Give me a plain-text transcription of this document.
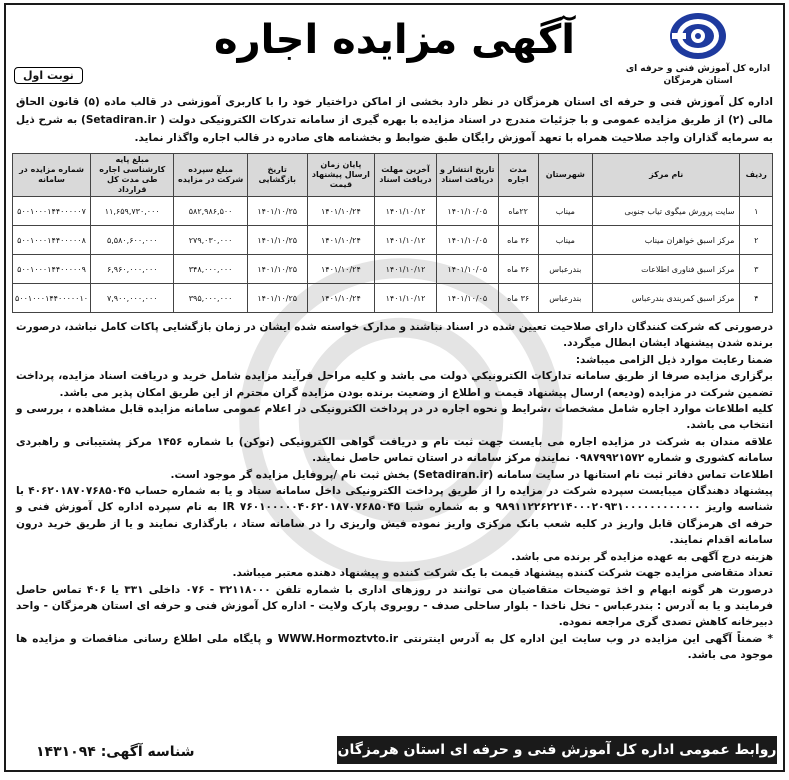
اداره کل آموزش فنی و حرفه ای
استان هرمزگان
آگهی مزایده اجاره
نوبت اول
اداره کل آموزش فنی و حرفه ای استان هرمزگان در نظر دارد بخشی از اماکن دراختیار خود را با کاربری آموزشی در قالب ماده (۵) قانون الحاق مالی (۲) از طریق مزایده عمومی و با جزئیات مندرج در اسناد مزایده با بهره گیری از سامانه تدرکات الکترونیکی دولت ( Setadiran.ir) به شرح ذیل به سرمایه گذاران واجد صلاحیت همراه با تعهد آموزش رایگان طبق ضوابط و بخشنامه های صادره در قالب اجاره واگذار نماید.
ردیف	نام مرکز	شهرستان	مدت اجاره	تاریخ انتشار و دریافت اسناد	آخرین مهلت دریافت اسناد	پایان زمان ارسال پیشنهاد قیمت	تاریخ بازگشایی	مبلغ سپرده شرکت در مزایده	مبلغ پایه کارشناسی اجاره طی مدت کل قرارداد	شماره مزایده در سامانه
۱	سایت پرورش میگوی تیاب جنوبی	میناب	۲۲ماه	۱۴۰۱/۱۰/۰۵	۱۴۰۱/۱۰/۱۲	۱۴۰۱/۱۰/۲۴	۱۴۰۱/۱۰/۲۵	۵۸۲,۹۸۶,۵۰۰	۱۱,۶۵۹,۷۳۰,۰۰۰	۵۰۰۱۰۰۰۱۴۴۰۰۰۰۰۷
۲	مرکز اسبق خواهران میناب	میناب	۳۶ ماه	۱۴۰۱/۱۰/۰۵	۱۴۰۱/۱۰/۱۲	۱۴۰۱/۱۰/۲۴	۱۴۰۱/۱۰/۲۵	۲۷۹,۰۳۰,۰۰۰	۵,۵۸۰,۶۰۰,۰۰۰	۵۰۰۱۰۰۰۱۴۴۰۰۰۰۰۸
۳	مرکز اسبق فناوری اطلاعات	بندرعباس	۳۶ ماه	۱۴۰۱/۱۰/۰۵	۱۴۰۱/۱۰/۱۲	۱۴۰۱/۱۰/۲۴	۱۴۰۱/۱۰/۲۵	۳۴۸,۰۰۰,۰۰۰	۶,۹۶۰,۰۰۰,۰۰۰	۵۰۰۱۰۰۰۱۴۴۰۰۰۰۰۹
۴	مرکز اسبق کمربندی بندرعباس	بندرعباس	۳۶ ماه	۱۴۰۱/۱۰/۰۵	۱۴۰۱/۱۰/۱۲	۱۴۰۱/۱۰/۲۴	۱۴۰۱/۱۰/۲۵	۳۹۵,۰۰۰,۰۰۰	۷,۹۰۰,۰۰۰,۰۰۰	۵۰۰۱۰۰۰۱۴۴۰۰۰۰۰۱۰

درصورتی که شرکت کنندگان دارای صلاحیت تعیین شده در اسناد نباشند و مدارک خواسته شده ایشان در زمان بازگشایی پاکات کامل نباشد، درصورت برنده شدن پیشنهاد ایشان ابطال میگردد.

ضمنا رعایت موارد ذیل الزامی میباشد:

برگزاری مزایده صرفا از طریق سامانه تداركات الكترونيكي دولت می باشد و کلیه مراحل فرآیند مزایده شامل خرید و دریافت اسناد مزایده، پرداخت تضمین شرکت در مزایده (ودیعه) ارسال پیشنهاد قیمت و اطلاع از وضعیت برنده بودن مزایده گران محترم از این طریق امکان پذیر می باشد.

کلیه اطلاعات موارد اجاره شامل مشخصات ،شرایط و نحوه اجاره در در پرداخت الکترونیکی در اعلام عمومی سامانه مزایده قابل مشاهده ، بررسی و انتخاب می باشد.

علاقه مندان به شرکت در مزایده اجاره می بایست جهت ثبت نام و دریافت گواهی الکترونیکی (توکن) با شماره ۱۴۵۶ مرکز پشتیبانی و راهبردی سامانه کشوری و شماره ۰۹۸۷۹۹۲۱۵۷۲ نماینده مرکز سامانه در استان تماس حاصل نمایند.

اطلاعات تماس دفاتر ثبت نام استانها در سایت سامانه (Setadiran.ir) بخش ثبت نام /پروفایل مزایده گر موجود است.

پیشنهاد دهندگان میبایست سپرده شرکت در مزایده را از طریق پرداخت الکترونیکی داخل سامانه ستاد و یا به شماره حساب ۴۰۶۲۰۱۸۷۰۷۶۸۵۰۴۵ با شناسه واریز ۹۸۹۱۱۲۲۶۲۲۱۴۰۰۰۲۰۹۳۱۰۰۰۰۰۰۰۰۰۰۰۰ و به شماره شبا IR ۷۶۰۱۰۰۰۰۰۴۰۶۲۰۱۸۷۰۷۶۸۵۰۴۵ به نام سپرده اداره کل آموزش فنی و حرفه ای هرمزگان قابل واریز در کلیه شعب بانک مرکزی واریز نموده فیش واریزی را در سامانه ستاد ، بارگذاری نمایند و یا از طریق خرید درون سامانه اقدام نمایند.

هزینه درج آگهی به عهده مزایده گر برنده می باشد.

تعداد متقاضی مزایده جهت شرکت کننده پیشنهاد قیمت با یک شرکت کننده و پیشنهاد دهنده معتبر میباشد.

درصورت هر گونه ابهام و اخذ توضیحات متقاضیان می توانند در روزهای اداری با شماره تلفن ۳۲۱۱۸۰۰۰ - ۰۷۶ داخلی ۳۳۱ یا ۴۰۶ تماس حاصل فرمایند و یا به آدرس : بندرعباس - نخل ناخدا - بلوار ساحلی صدف - روبروی پارک ولایت - اداره کل آموزش فنی و حرفه ای استان هرمزگان - واحد دبیرخانه کاهش تصدی گری مراجعه نموده.

* ضمناً آگهی این مزایده در وب سایت این اداره کل به آدرس اینترنتی WWW.Hormoztvto.ir و پایگاه ملی اطلاع رسانی مناقصات و مزایده ها موجود می باشد.

روابط عمومی اداره کل آموزش فنی و حرفه ای استان هرمزگان
شناسه آگهی: ۱۴۳۱۰۹۴
